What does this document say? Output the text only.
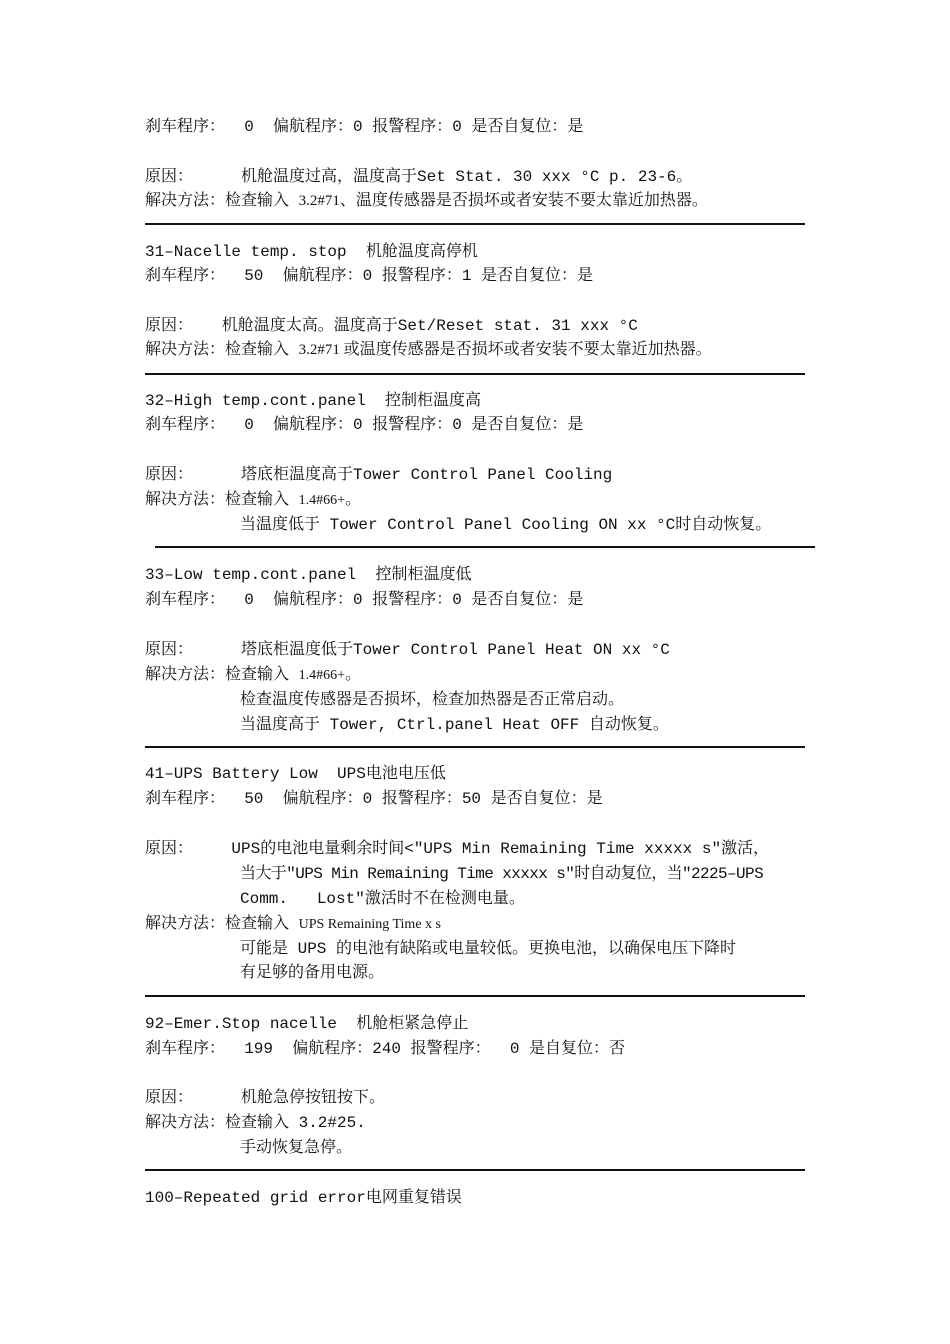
刹车程序：  0  偏航程序：0 报警程序：0 是否自复位：是
原因：     机舱温度过高，温度高于Set Stat. 30 xxx °C p. 23-6。
解决方法：检查输入 3.2#71、温度传感器是否损坏或者安装不要太靠近加热器。
31–Nacelle temp. stop  机舱温度高停机
刹车程序：  50  偏航程序：0 报警程序：1 是否自复位：是
原因：   机舱温度太高。温度高于Set/Reset stat. 31 xxx °C
解决方法：检查输入 3.2#71 或温度传感器是否损坏或者安装不要太靠近加热器。
32–High temp.cont.panel  控制柜温度高
刹车程序：  0  偏航程序：0 报警程序：0 是否自复位：是
原因：     塔底柜温度高于Tower Control Panel Cooling
解决方法：检查输入 1.4#66+。
当温度低于 Tower Control Panel Cooling ON xx °C时自动恢复。
33–Low temp.cont.panel  控制柜温度低
刹车程序：  0  偏航程序：0 报警程序：0 是否自复位：是
原因：     塔底柜温度低于Tower Control Panel Heat ON xx °C
解决方法：检查输入 1.4#66+。
检查温度传感器是否损坏，检查加热器是否正常启动。
当温度高于 Tower, Ctrl.panel Heat OFF 自动恢复。
41–UPS Battery Low  UPS电池电压低
刹车程序：  50  偏航程序：0 报警程序：50 是否自复位：是
原因：    UPS的电池电量剩余时间<"UPS Min Remaining Time xxxxx s"激活，
当大于"UPS Min Remaining Time xxxxx s"时自动复位，当"2225–UPS
Comm.   Lost"激活时不在检测电量。
解决方法：检查输入 UPS Remaining Time x s
可能是 UPS 的电池有缺陷或电量较低。更换电池，以确保电压下降时
有足够的备用电源。
92–Emer.Stop nacelle  机舱柜紧急停止
刹车程序：  199  偏航程序：240 报警程序：  0 是自复位：否
原因：     机舱急停按钮按下。
解决方法：检查输入 3.2#25.
手动恢复急停。
100–Repeated grid error电网重复错误
